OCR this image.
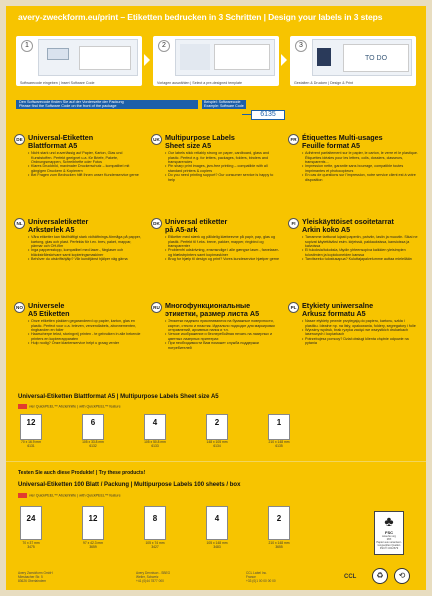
avery-zweckform.eu/print – Etiketten bedrucken in 3 Schritten | Design your labels in 3 steps
1
Softwarecode eingeben | Insert Software Code
2
Vorlagen auswählen | Select a pre-designed template
3
TO DO
Gestalten & Drucken | Design & Print
Den Softwarecode finden Sie auf der Vorderseite der Packung
Please find the Software Code on the front of the package
Beispiel: Softwarecode
Example: Software Code
6135
DE Universal-Etiketten
Blattformat A5
• Nicht stark und zuverlässig auf Papier, Karton, Glas und Kunststoffen. Perfekt geeignet u.a. für Briefe, Pakete, Ordnungsmappen, Schreibhefte oder Fotos
• Klares Druckbild, maximaler Druckerschutz – kompatibel mit gängigen Druckern & Kopierern
• Bei Fragen zum Bedrucken hilft Ihnen unser Kundenservice gerne
UK Multipurpose Labels
Sheet size A5
• Our labels stick reliably strong on paper, cardboard, glass and plastic. Perfect e.g. for letters, packages, folders, binders and transparencies
• Pin sharp print images, jam-free printing – compatible with all standard printers & copiers
• Do you need printing support? Our consumer service is happy to help
FR Étiquettes Multi-usages
Feuille format A5
• Adhèrent parfaitement sur le papier, le carton, le verre et le plastique. Étiquettes idéales pour les lettres, colis, dossiers, classeurs, transparents…
• Impression nette, garantie sans bourrage, compatible toutes imprimantes et photocopieurs
• En cas de questions sur l'impression, notre service client est à votre disposition
NL Universaletiketter
Arkstørlek A5
• Våra etiketter kan fäst/häftigt stark vidhäftnings-förmåga på papper, kartong, glas och plast. Perfekta för t.ex. brev, paket, mappar, pärmar och OH-film
• Inga pappersstopp, kompatibel med laser-, färglaser och bläckstråleskrivare samt kopieringsmaskiner
• Behöver du utskriftshjälp? Vår kundtjänst hjälper väg gärna
DK Universal etiketter
på A5-ark
• Etiketter med stærk og pålidelig klæbeevne på papir, pap, glas og plastik. Perfekt til f.eks. breve, pakker, mapper, ringbind og transparenter
• Problemfri udskrivning, ensmsndige i alle gængse laser-, farvelaser- og blækstrpinters samt kopimaskiner
• Brug for hjælp til design og print? Vores kundeservice hjælper gerne
FI Yleiskäyttöiset osoitetarrat
Arkin koko A5
• Tarramme tarttuvat lujasti paperiin, pahviin, lasiin ja muoviin. Sikai ne sopivat käytettäviksi esim. kirjeissä, pakkauksissa, kansioissa ja kalvoissa
• Ei tukoksia/tukoksia, täydin yhteensopiva kaikkien yleisimpien tulostimien ja kopiokoneiden kanssa
• Tarvitseeko tulostusapua? Kuluttajapalvelumme auttaa mielellään
NO Universele
A5 Etiketten
• Onze etiketten plakken gegarandeerd op papier, karton, glas en plastic. Perfect voor o.a. brieven, verzendlabels, abonnementen, ringbanden en folier
• Haarscherpe tekst, storingvrij printen - te gebruiken in alle bekende printers en kopieerapparaten
• Hulp nodig? Onze klantenservice helpt u graag verder
RU Многофункциональные
этикетки, размер листа A5
• Этикетки надежно приклеиваются на бумажные поверхности, картон, стекло и пластик. Идеально подходят для маркировки отправлений, архивных папок и т.п.
• Четкое изображение и бесперебойная печать на лазерных и цветных лазерных принтерах
• При необходимости Вам поможет служба поддержки потребителей
PL Etykiety uniwersalne
Arkusz formatu A5
• Nasze etykiety pewnie przylegają do papieru, kartonu, szkła i plastiku. Idealne np. na listy, opakowania, foldery, segregatory i folie
• Wyraźny wydruk, brak ryzyka zacięć we wszystkich drukarkach laserowych i kopiarkach
• Potrzebujesz pomocy? Dział obsługi klienta chętnie odpowie na pytania
Universal-Etiketten Blattformat A5 | Multipurpose Labels Sheet size A5
vier QuickPEEL™ Abziehhilfe | with QuickPEEL™ feature
12
70 x 16.9 mm
6131
6
105 x 33.8 mm
6132
4
105 x 50.8 mm
6133
2
148 x 105 mm
6134
1
210 x 148 mm
6135
Testen Sie auch diese Produkte! | Try these products!
Universal-Etiketten 100 Blatt / Packung | Multipurpose Labels 100 sheets / box
vier QuickPEEL™ Abziehhilfe | with QuickPEEL™ feature
24
70 x 37 mm
3475
12
97 x 42.3 mm
3659
8
105 x 74 mm
3427
4
105 x 148 mm
3483
2
210 x 148 mm
3655
♣
FSC
www.fsc.org
MIX
Papier aus verantwor-tungsvollen Quellen
FSC® C012679
Avery Zweckform GmbH
Miesbacher Str. 5
83626 Oberlaindern
Avery Dennison - SBEG
Weiler, Schweiz
+41 (0)44 7877 000
CCL Label Inc.
France
+33 (0)1 00 00 00 00
CCL	♻	⟲
